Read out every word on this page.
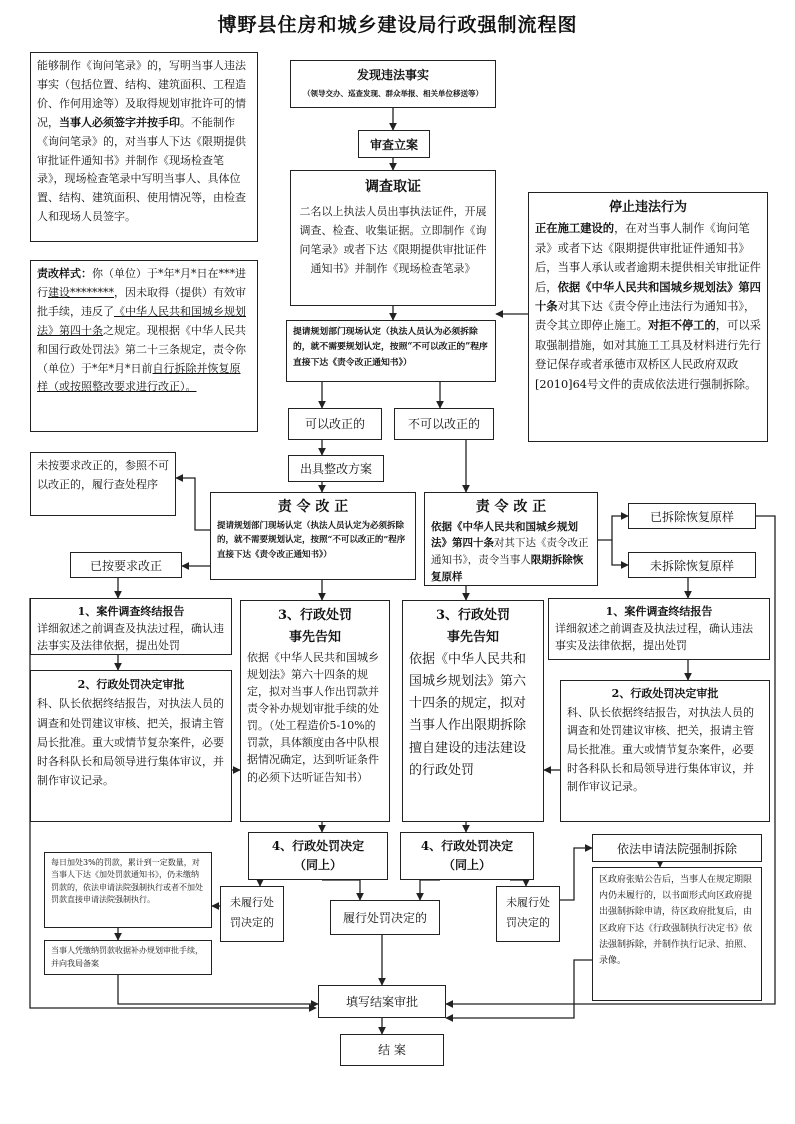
博野县住房和城乡建设局行政强制流程图
能够制作《询问笔录》的，写明当事人违法事实（包括位置、结构、建筑面积、工程造价、作何用途等）及取得规划审批许可的情况，当事人必须签字并按手印。不能制作《询问笔录》的，对当事人下达《限期提供审批证件通知书》并制作《现场检查笔录》，现场检查笔录中写明当事人、具体位置、结构、建筑面积、使用情况等，由检查人和现场人员签字。
责改样式：你（单位）于*年*月*日在***进行建设********，因未取得（提供）有效审批手续，违反了《中华人民共和国城乡规划法》第四十条之规定。现根据《中华人民共和国行政处罚法》第二十三条规定，责令你（单位）于*年*月*日前自行拆除并恢复原样（或按照整改要求进行改正）。
发现违法事实
（领导交办、巡查发现、群众举报、相关单位移送等）
审查立案
调查取证
二名以上执法人员出事执法证件，开展调查、检查、收集证据。立即制作《询问笔录》或者下达《限期提供审批证件通知书》并制作《现场检查笔录》
停止违法行为
正在施工建设的，在对当事人制作《询问笔录》或者下达《限期提供审批证件通知书》后，当事人承认或者逾期未提供相关审批证件后，依据《中华人民共和国城乡规划法》第四十条对其下达《责令停止违法行为通知书》，责令其立即停止施工。对拒不停工的，可以采取强制措施，如对其施工工具及材料进行先行登记保存或者承德市双桥区人民政府双政[2010]64号文件的责成依法进行强制拆除。
提请规划部门现场认定（执法人员认为必须拆除的，就不需要规划认定，按照“不可以改正的”程序直接下达《责令改正通知书》）
可以改正的	不可以改正的
未按要求改正的，参照不可以改正的，履行查处程序
出具整改方案
已按要求改正
责 令 改 正
提请规划部门现场认定（执法人员认定为必须拆除的，就不需要规划认定，按照“不可以改正的”程序直接下达《责令改正通知书》）
责 令 改 正
依据《中华人民共和国城乡规划法》第四十条对其下达《责令改正通知书》，责令当事人限期拆除恢复原样
已拆除恢复原样
未拆除恢复原样
1、案件调查终结报告
详细叙述之前调查及执法过程，确认违法事实及法律依据，提出处罚
3、行政处罚
事先告知
依据《中华人民共和国城乡规划法》第六十四条的规定，拟对当事人作出罚款并责令补办规划审批手续的处罚。（处工程造价5-10%的罚款，具体额度由各中队根据情况确定，达到听证条件的必须下达听证告知书）
3、行政处罚
事先告知
依据《中华人民共和国城乡规划法》第六十四条的规定，拟对当事人作出限期拆除擅自建设的违法建设的行政处罚
1、案件调查终结报告
详细叙述之前调查及执法过程，确认违法事实及法律依据，提出处罚
2、行政处罚决定审批
科、队长依据终结报告，对执法人员的调查和处罚建议审核、把关，报请主管局长批准。重大或情节复杂案件，必要时各科队长和局领导进行集体审议，并制作审议记录。
2、行政处罚决定审批
科、队长依据终结报告，对执法人员的调查和处罚建议审核、把关，报请主管局长批准。重大或情节复杂案件，必要时各科队长和局领导进行集体审议，并制作审议记录。
4、行政处罚决定
（同上）
4、行政处罚决定
（同上）
依法申请法院强制拆除
每日加处3%的罚款，累计到一定数量，对当事人下达《加处罚款通知书》，仍未缴纳罚款的，依法申请法院强制执行或者不加处罚款直接申请法院强制执行。	未履行处罚决定的	履行处罚决定的
未履行处罚决定的
区政府张贴公告后，当事人在规定期限内仍未履行的，以书面形式向区政府提出强制拆除申请，待区政府批复后，由区政府下达《行政强制执行决定书》依法强制拆除，并制作执行记录、拍照、录像。
当事人凭缴纳罚款收据补办规划审批手续，并向我局备案
填写结案审批
结 案
